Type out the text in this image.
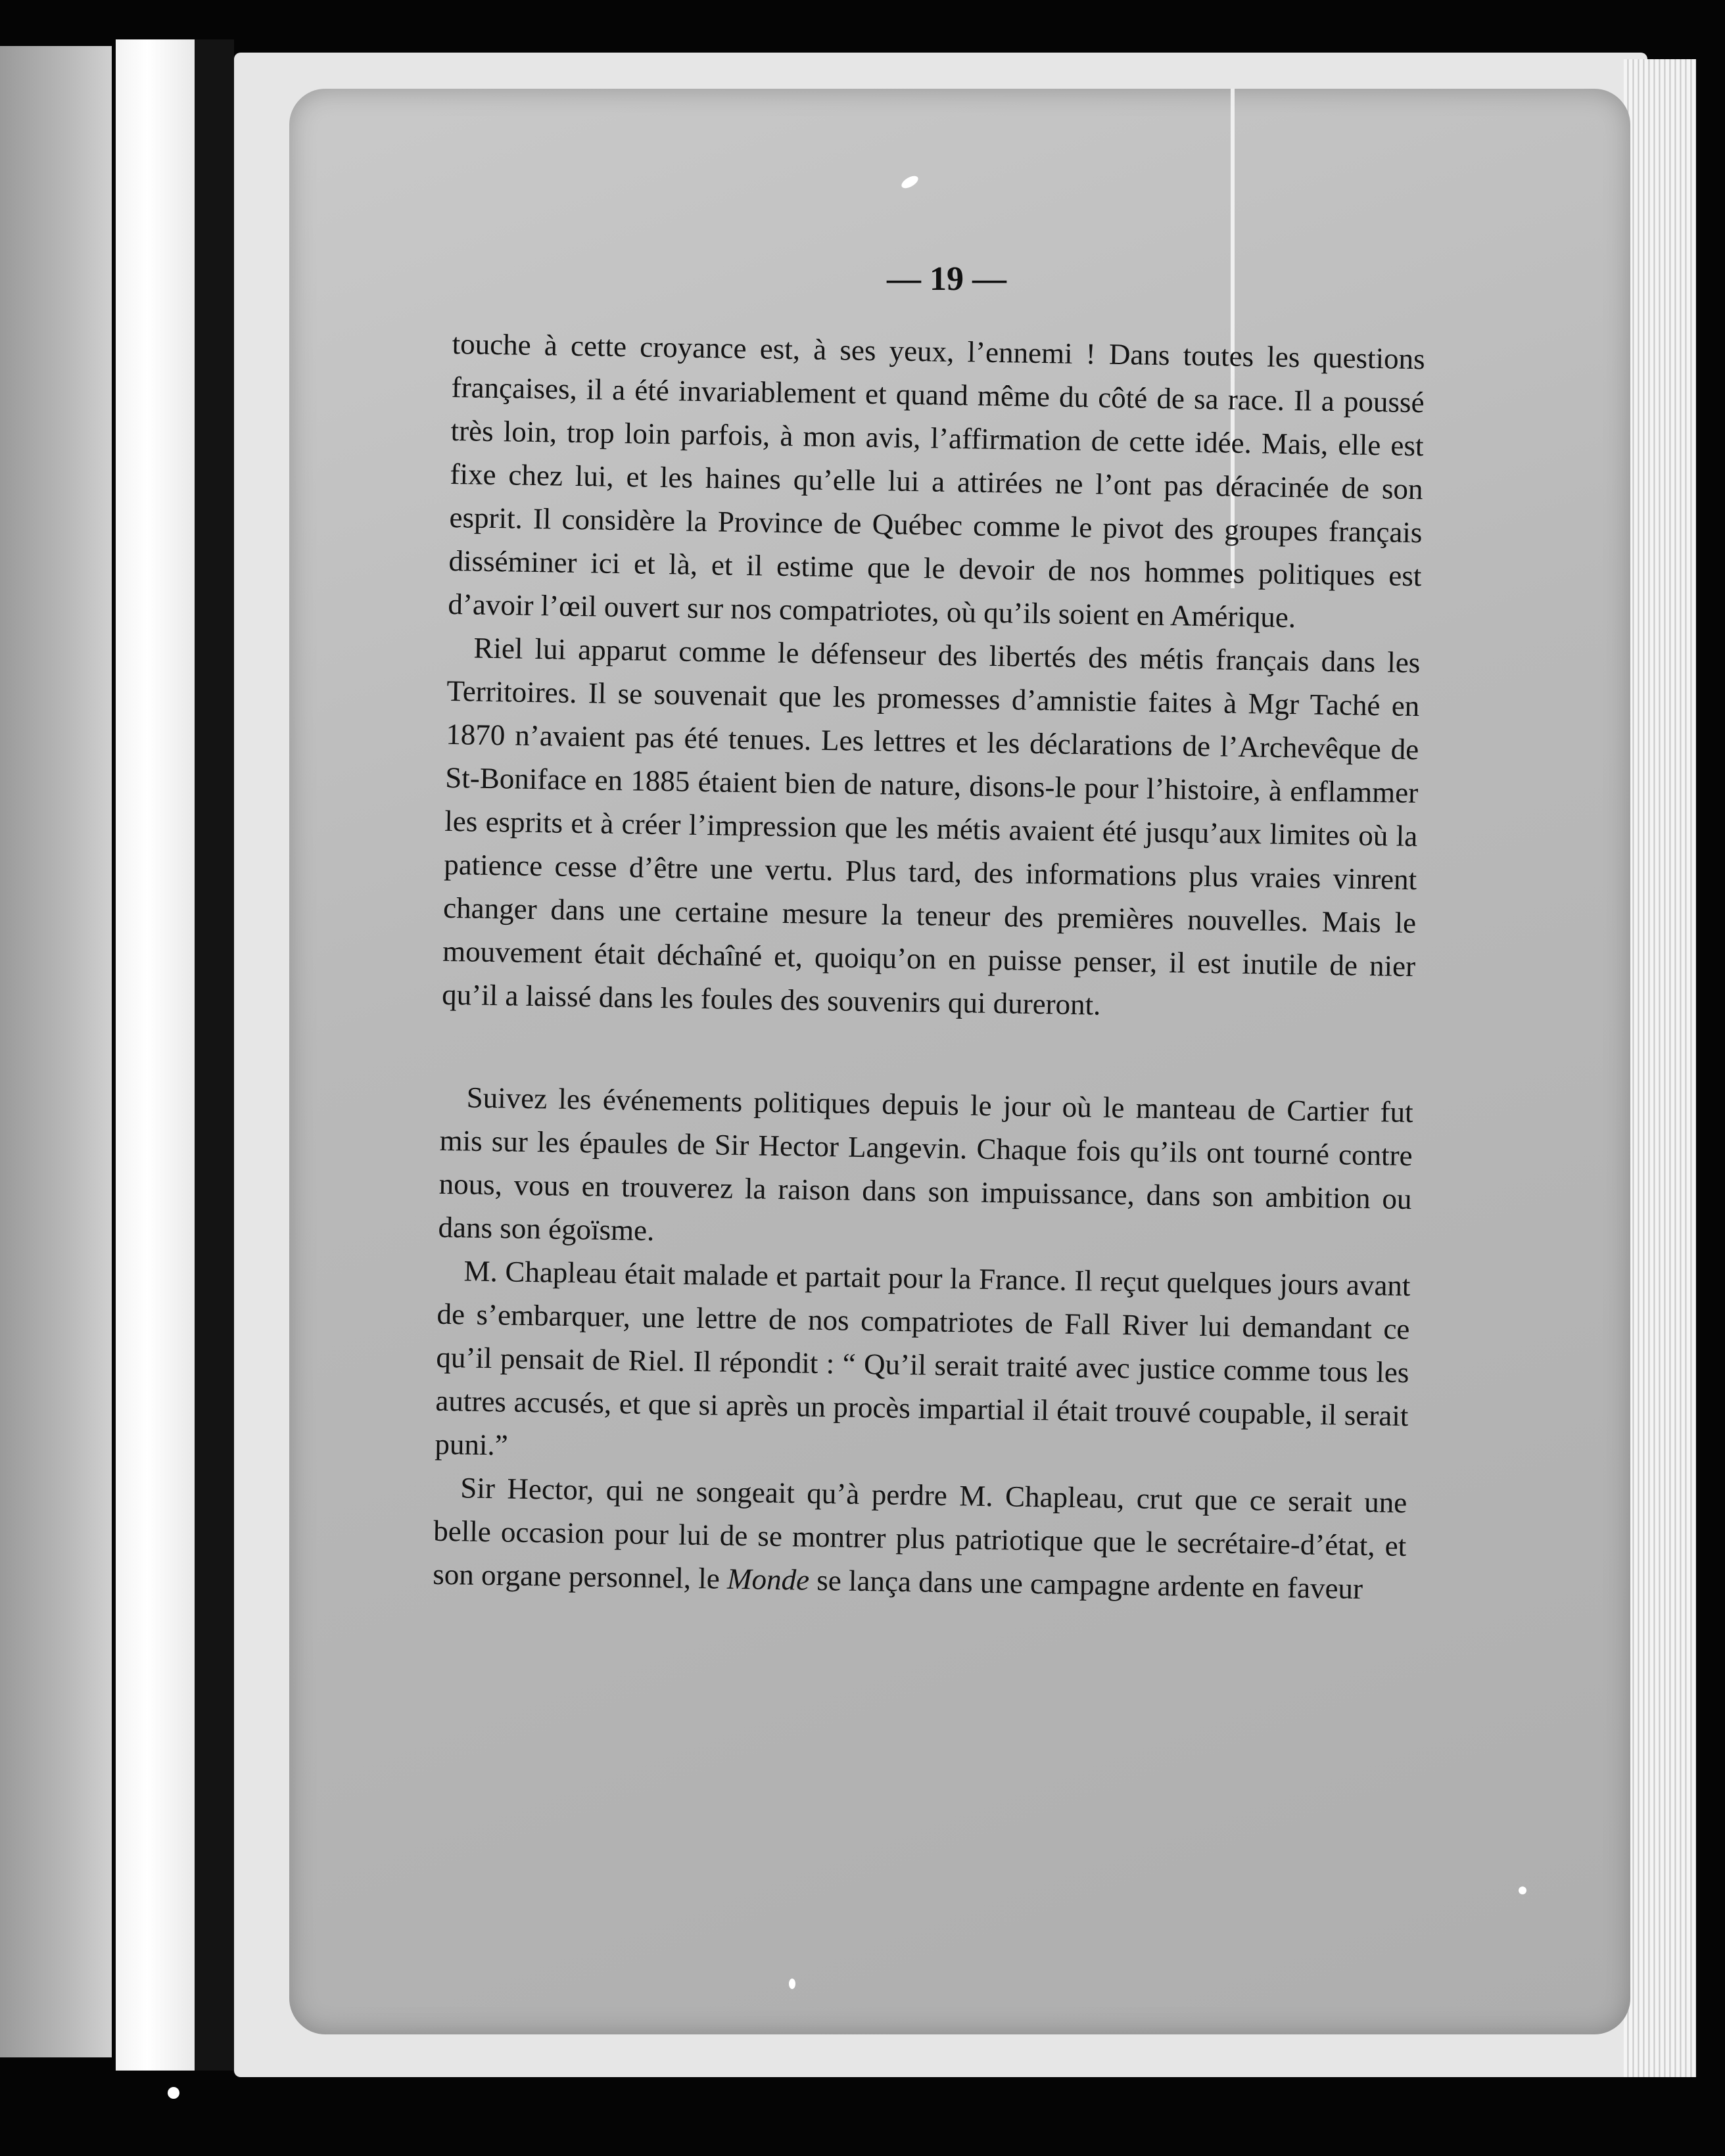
— 19 —

touche à cette croyance est, à ses yeux, l’ennemi ! Dans toutes les questions françaises, il a été invariablement et quand même du côté de sa race. Il a poussé très loin, trop loin parfois, à mon avis, l’affirmation de cette idée. Mais, elle est fixe chez lui, et les haines qu’elle lui a attirées ne l’ont pas déracinée de son esprit. Il considère la Province de Québec comme le pivot des groupes français disséminer ici et là, et il estime que le devoir de nos hommes politiques est d’avoir l’œil ouvert sur nos compatriotes, où qu’ils soient en Amérique.

Riel lui apparut comme le défenseur des libertés des métis français dans les Territoires. Il se souvenait que les promesses d’amnistie faites à Mgr Taché en 1870 n’avaient pas été tenues. Les lettres et les déclarations de l’Archevêque de St-Boniface en 1885 étaient bien de nature, disons-le pour l’histoire, à enflammer les esprits et à créer l’impression que les métis avaient été jusqu’aux limites où la patience cesse d’être une vertu. Plus tard, des informations plus vraies vinrent changer dans une certaine mesure la teneur des premières nouvelles. Mais le mouvement était déchaîné et, quoiqu’on en puisse penser, il est inutile de nier qu’il a laissé dans les foules des souvenirs qui dureront.

Suivez les événements politiques depuis le jour où le manteau de Cartier fut mis sur les épaules de Sir Hector Langevin. Chaque fois qu’ils ont tourné contre nous, vous en trouverez la raison dans son impuissance, dans son ambition ou dans son égoïsme.

M. Chapleau était malade et partait pour la France. Il reçut quelques jours avant de s’embarquer, une lettre de nos compatriotes de Fall River lui demandant ce qu’il pensait de Riel. Il répondit : “ Qu’il serait traité avec justice comme tous les autres accusés, et que si après un procès impartial il était trouvé coupable, il serait puni.”

Sir Hector, qui ne songeait qu’à perdre M. Chapleau, crut que ce serait une belle occasion pour lui de se montrer plus patriotique que le secrétaire-d’état, et son organe personnel, le Monde se lança dans une campagne ardente en faveur
